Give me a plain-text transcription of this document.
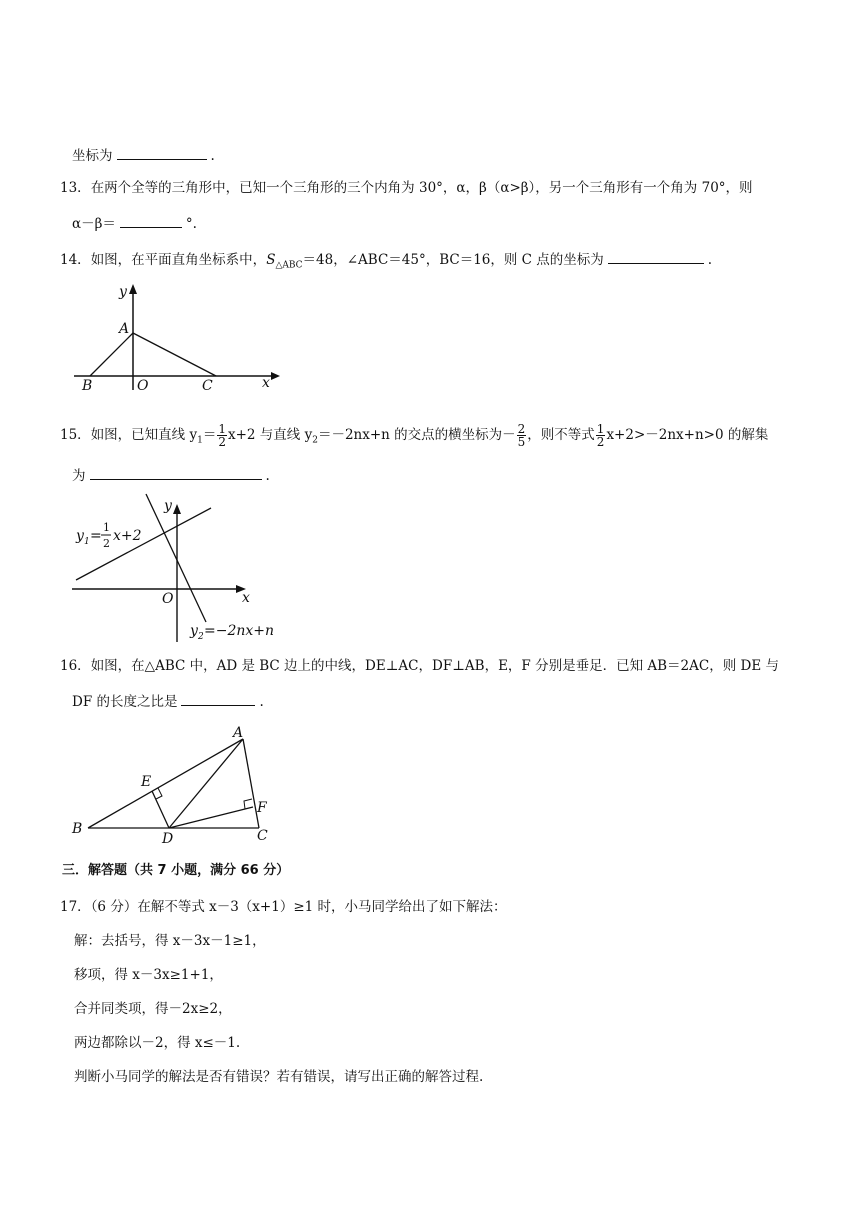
坐标为	.
13．在两个全等的三角形中，已知一个三角形的三个内角为 30°，α，β（α>β），另一个三角形有一个角为 70°，则
α－β＝	°.
14．如图，在平面直角坐标系中，$S_{\triangle ABC}=48$，∠ABC＝45°，BC＝16，则 C 点的坐标为	.
y
A
B	O	C	x
15．如图，已知直线 $y_1= \frac{1}{2} x+2$ 与直线 $y_2=-2nx+n$ 的交点的横坐标为－ $\frac{2}{5}$ ，则不等式 $\frac{1}{2} x+2>-2nx+n>0$ 的解集
为	.
y
x
O
y 1 =
1
2 x+2
y 2 =−2nx+n
16．如图，在△ABC 中，AD 是 BC 边上的中线，DE⊥AC，DF⊥AB，E，F 分别是垂足．已知 AB＝2AC，则 DE 与
DF 的长度之比是	.
A
B	C
D
E
F
三．解答题（共 7 小题，满分 66 分）
17．（6 分）在解不等式 x－3（x+1）≥1 时，小马同学给出了如下解法：
解：去括号，得 x－3x－1≥1，
移项，得 x－3x≥1+1，
合并同类项，得－2x≥2，
两边都除以－2，得 x≤－1.
判断小马同学的解法是否有错误？若有错误，请写出正确的解答过程.
